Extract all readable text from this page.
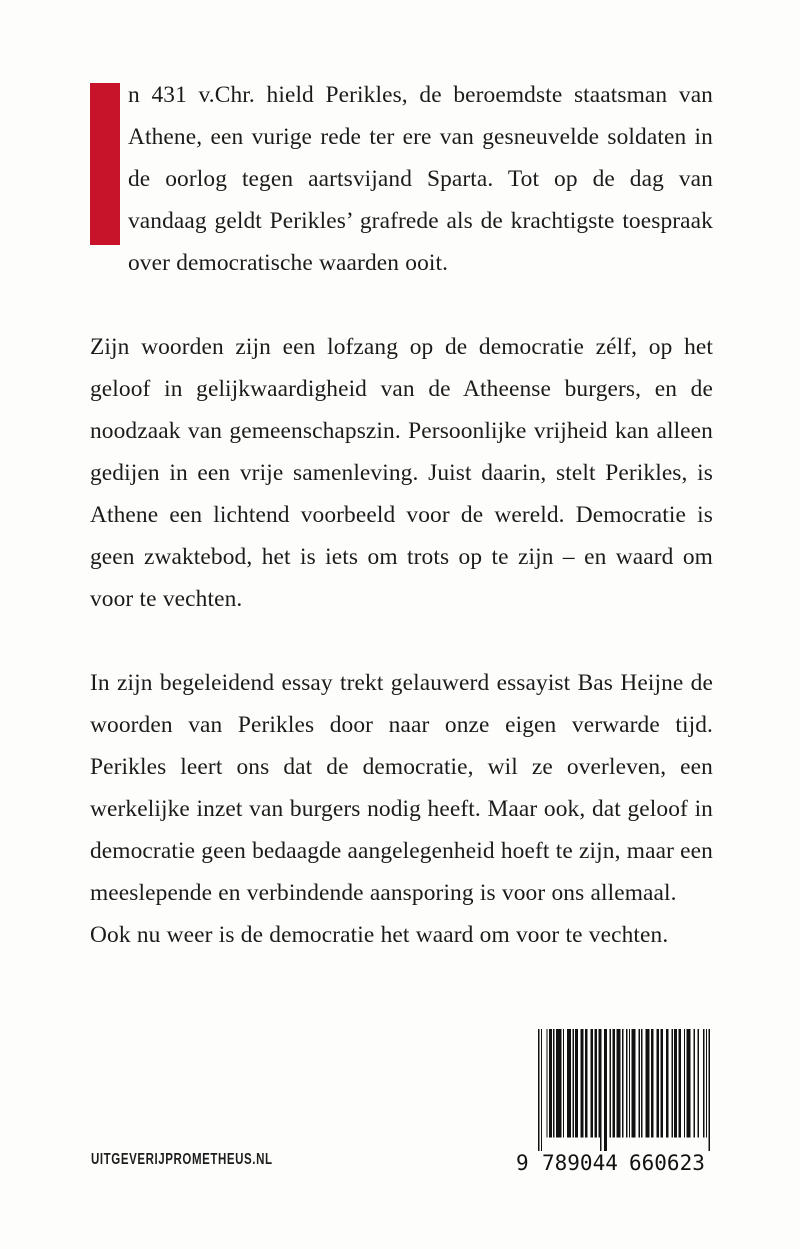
n 431 v.Chr. hield Perikles, de beroemdste staatsman van Athene, een vurige rede ter ere van gesneuvelde soldaten in de oorlog tegen aartsvijand Sparta. Tot op de dag van vandaag geldt Perikles’ grafrede als de krachtigste toespraak over democratische waarden ooit.

Zijn woorden zijn een lofzang op de democratie zélf, op het geloof in gelijkwaardigheid van de Atheense burgers, en de noodzaak van gemeenschapszin. Persoonlijke vrijheid kan alleen gedijen in een vrije samenleving. Juist daarin, stelt Perikles, is Athene een lichtend voorbeeld voor de wereld. Democratie is geen zwaktebod, het is iets om trots op te zijn – en waard om voor te vechten.

In zijn begeleidend essay trekt gelauwerd essayist Bas Heijne de woorden van Perikles door naar onze eigen verwarde tijd. Perikles leert ons dat de democratie, wil ze overleven, een werkelijke inzet van burgers nodig heeft. Maar ook, dat geloof in democratie geen bedaagde aangelegenheid hoeft te zijn, maar een meeslepende en verbindende aansporing is voor ons allemaal.

Ook nu weer is de democratie het waard om voor te vechten.

UITGEVERIJPROMETHEUS.NL	9 789044 660623
